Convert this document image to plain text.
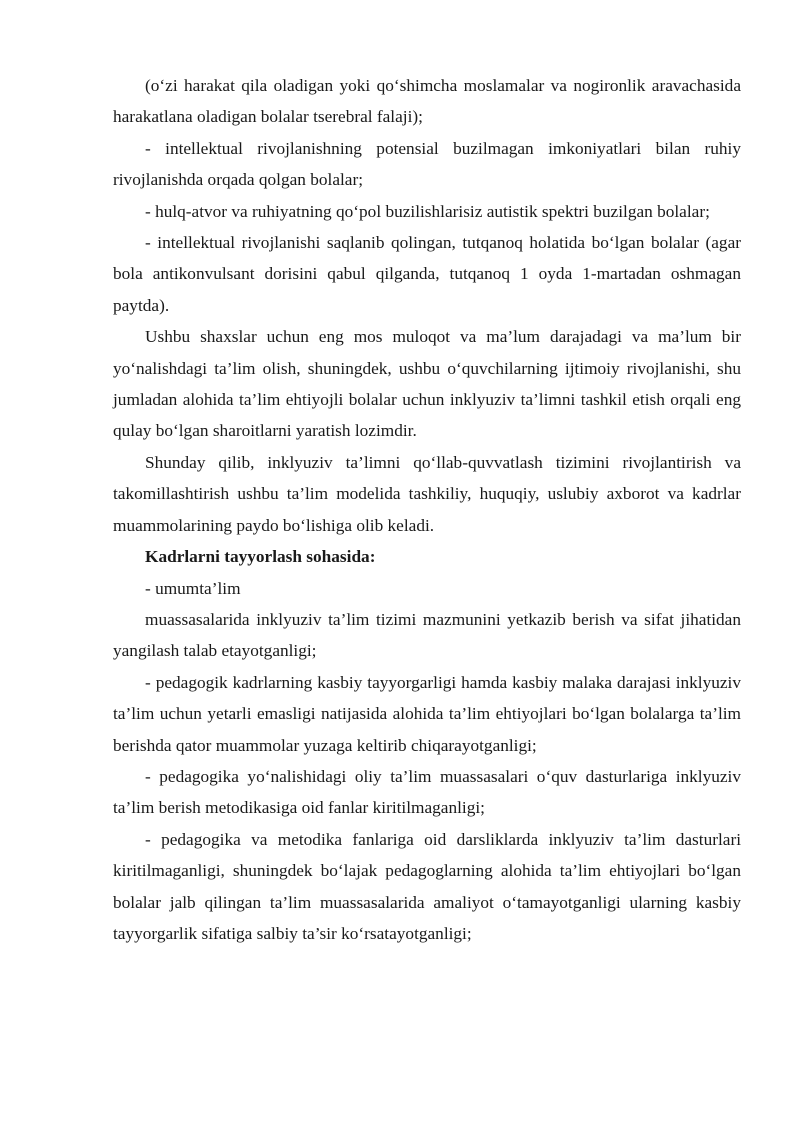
(o‘zi harakat qila oladigan yoki qo‘shimcha moslamalar va nogironlik aravachasida harakatlana oladigan bolalar tserebral falaji);

- intellektual rivojlanishning potensial buzilmagan imkoniyatlari bilan ruhiy rivojlanishda orqada qolgan bolalar;

- hulq-atvor va ruhiyatning qo‘pol buzilishlarisiz autistik spektri buzilgan bolalar;

- intellektual rivojlanishi saqlanib qolingan, tutqanoq holatida bo‘lgan bolalar (agar bola antikonvulsant dorisini qabul qilganda, tutqanoq 1 oyda 1-martadan oshmagan paytda).

Ushbu shaxslar uchun eng mos muloqot va ma’lum darajadagi va ma’lum bir yo‘nalishdagi ta’lim olish, shuningdek, ushbu o‘quvchilarning ijtimoiy rivojlanishi, shu jumladan alohida ta’lim ehtiyojli bolalar uchun inklyuziv ta’limni tashkil etish orqali eng qulay bo‘lgan sharoitlarni yaratish lozimdir.

Shunday qilib, inklyuziv ta’limni qo‘llab-quvvatlash tizimini rivojlantirish va takomillashtirish ushbu ta’lim modelida tashkiliy, huquqiy, uslubiy axborot va kadrlar muammolarining paydo bo‘lishiga olib keladi.

Kadrlarni tayyorlash sohasida:

- umumta’lim

muassasalarida inklyuziv ta’lim tizimi mazmunini yetkazib berish va sifat jihatidan yangilash talab etayotganligi;

- pedagogik kadrlarning kasbiy tayyorgarligi hamda kasbiy malaka darajasi inklyuziv ta’lim uchun yetarli emasligi natijasida alohida ta’lim ehtiyojlari bo‘lgan bolalarga ta’lim berishda qator muammolar yuzaga keltirib chiqarayotganligi;

- pedagogika yo‘nalishidagi oliy ta’lim muassasalari o‘quv dasturlariga inklyuziv ta’lim berish metodikasiga oid fanlar kiritilmaganligi;

- pedagogika va metodika fanlariga oid darsliklarda inklyuziv ta’lim dasturlari kiritilmaganligi, shuningdek bo‘lajak pedagoglarning alohida ta’lim ehtiyojlari bo‘lgan bolalar jalb qilingan ta’lim muassasalarida amaliyot o‘tamayotganligi ularning kasbiy tayyorgarlik sifatiga salbiy ta’sir ko‘rsatayotganligi;
